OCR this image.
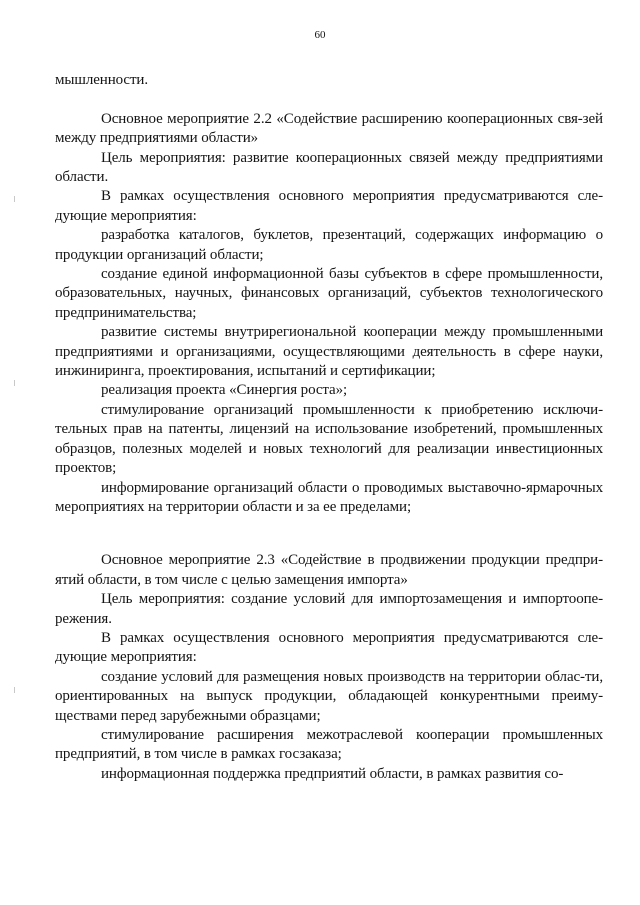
60

мышленности.

Основное мероприятие 2.2 «Содействие расширению кооперационных свя-зей между предприятиями области»

Цель мероприятия: развитие кооперационных связей между предприятиями области.

В рамках осуществления основного мероприятия предусматриваются сле-дующие мероприятия:

разработка каталогов, буклетов, презентаций, содержащих информацию о продукции организаций области;

создание единой информационной базы субъектов в сфере промышленности, образовательных, научных, финансовых организаций, субъектов технологического предпринимательства;

развитие системы внутрирегиональной кооперации между промышленными предприятиями и организациями, осуществляющими деятельность в сфере науки, инжиниринга, проектирования, испытаний и сертификации;

реализация проекта «Синергия роста»;

стимулирование организаций промышленности к приобретению исключи-тельных прав на патенты, лицензий на использование изобретений, промышленных образцов, полезных моделей и новых технологий для реализации инвестиционных проектов;

информирование организаций области о проводимых выставочно-ярмарочных мероприятиях на территории области и за ее пределами;

Основное мероприятие 2.3 «Содействие в продвижении продукции предпри-ятий области, в том числе с целью замещения импорта»

Цель мероприятия: создание условий для импортозамещения и импортоопе-режения.

В рамках осуществления основного мероприятия предусматриваются сле-дующие мероприятия:

создание условий для размещения новых производств на территории облас-ти, ориентированных на выпуск продукции, обладающей конкурентными преиму-ществами перед зарубежными образцами;

стимулирование расширения межотраслевой кооперации промышленных предприятий, в том числе в рамках госзаказа;

информационная поддержка предприятий области, в рамках развития со-
